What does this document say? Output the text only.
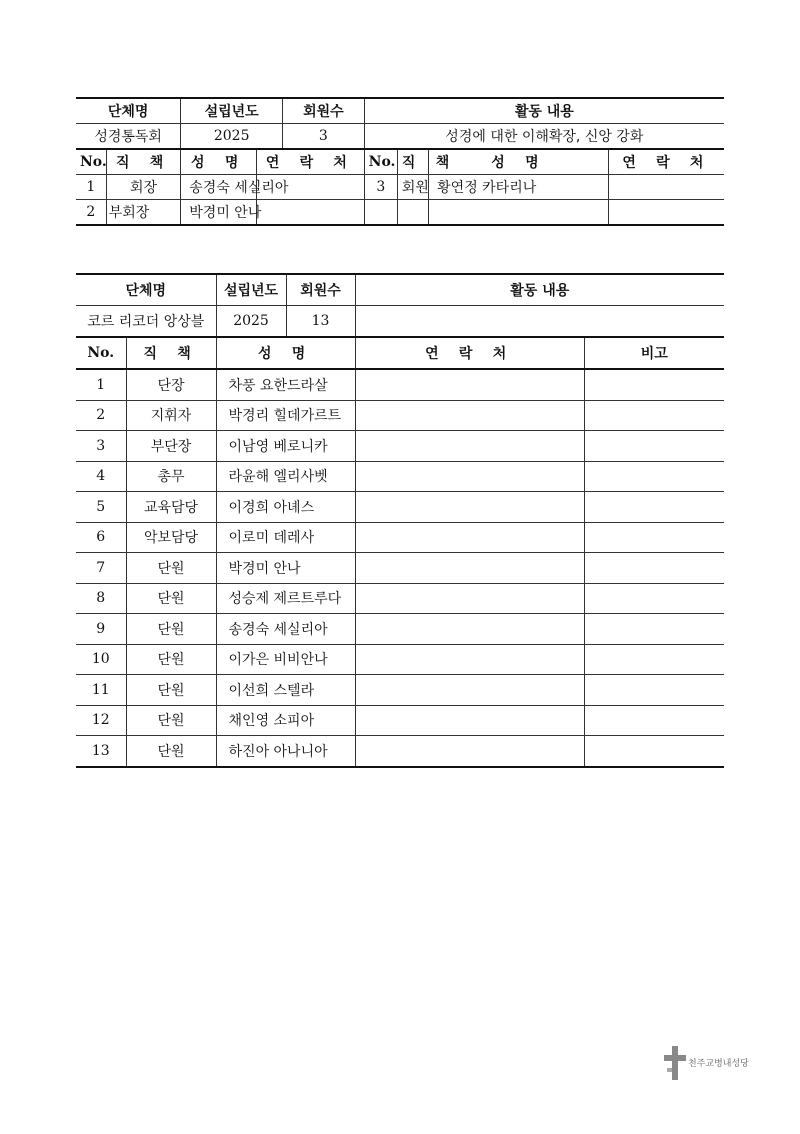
단체명		설립년도		회원수	활동 내용			
성경통독회		2025		3	성경에 대한 이해확장, 신앙 강화			
No.	직 책	성 명	연 락 처		No.	직 책	성 명	연 락 처
1	회장	송경숙 세실리아			3	회원	황연정 카타리나	
2	부회장	박경미 안나						
단체명		설립년도	회원수	활동 내용	
코르 리코더 앙상블		2025	13		
No.	직 책	성 명		연 락 처	비고
1	단장	차풍 요한드라살			
2	지휘자	박경리 힐데가르트			
3	부단장	이남영 베로니카			
4	총무	라윤해 엘리사벳			
5	교육담당	이경희 아녜스			
6	악보담당	이로미 데레사			
7	단원	박경미 안나			
8	단원	성승제 제르트루다			
9	단원	송경숙 세실리아			
10	단원	이가은 비비안나			
11	단원	이선희 스텔라			
12	단원	채인영 소피아			
13	단원	하진아 아나니아			
천주교병내성당
